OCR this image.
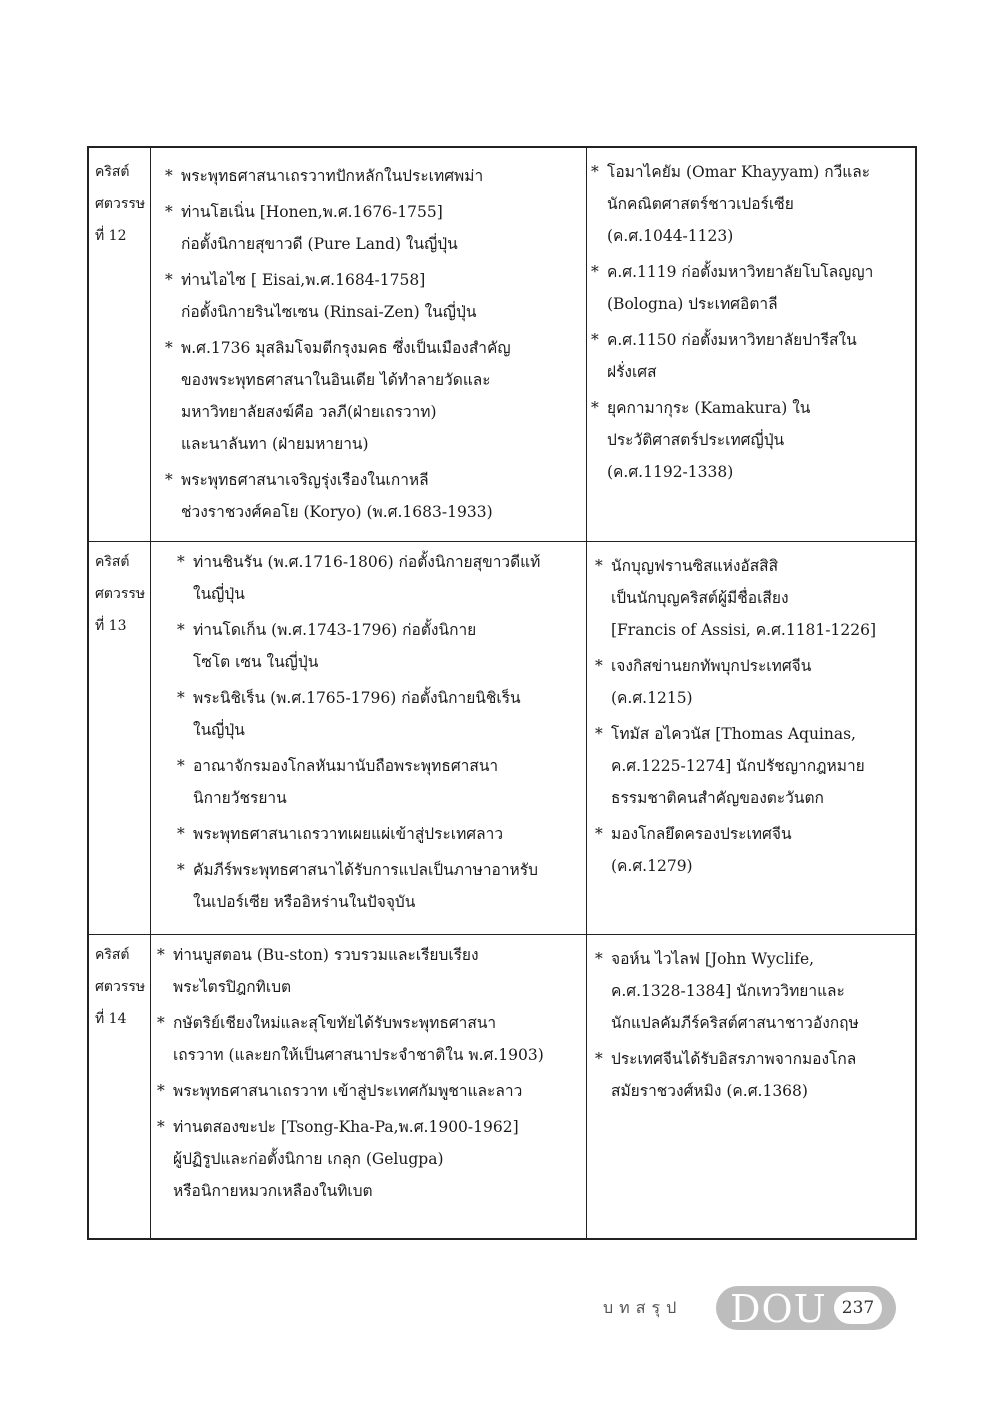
คริสต์
ศตวรรษ
ที่ 12
* พระพุทธศาสนาเถรวาทปักหลักในประเทศพม่า
* ท่านโฮเนิ่น [Honen,พ.ศ.1676-1755]
ก่อตั้งนิกายสุขาวดี (Pure Land) ในญี่ปุ่น
* ท่านไอไซ [ Eisai,พ.ศ.1684-1758]
ก่อตั้งนิกายรินไซเซน (Rinsai-Zen) ในญี่ปุ่น
* พ.ศ.1736 มุสลิมโจมตีกรุงมคธ ซึ่งเป็นเมืองสำคัญ
ของพระพุทธศาสนาในอินเดีย ได้ทำลายวัดและ
มหาวิทยาลัยสงฆ์คือ วลภี(ฝ่ายเถรวาท)
และนาลันทา (ฝ่ายมหายาน)
* พระพุทธศาสนาเจริญรุ่งเรืองในเกาหลี
ช่วงราชวงศ์คอโย (Koryo) (พ.ศ.1683-1933)
* โอมาไคยัม (Omar Khayyam) กวีและ
นักคณิตศาสตร์ชาวเปอร์เซีย
(ค.ศ.1044-1123)
* ค.ศ.1119 ก่อตั้งมหาวิทยาลัยโบโลญญา
(Bologna) ประเทศอิตาลี
* ค.ศ.1150 ก่อตั้งมหาวิทยาลัยปารีสใน
ฝรั่งเศส
* ยุคกามากุระ (Kamakura) ใน
ประวัติศาสตร์ประเทศญี่ปุ่น
(ค.ศ.1192-1338)
คริสต์
ศตวรรษ
ที่ 13
* ท่านชินรัน (พ.ศ.1716-1806) ก่อตั้งนิกายสุขาวดีแท้
ในญี่ปุ่น
* ท่านโดเก็น (พ.ศ.1743-1796) ก่อตั้งนิกาย
โซโต เซน ในญี่ปุ่น
* พระนิชิเร็น (พ.ศ.1765-1796) ก่อตั้งนิกายนิชิเร็น
ในญี่ปุ่น
* อาณาจักรมองโกลหันมานับถือพระพุทธศาสนา
นิกายวัชรยาน
* พระพุทธศาสนาเถรวาทเผยแผ่เข้าสู่ประเทศลาว
* คัมภีร์พระพุทธศาสนาได้รับการแปลเป็นภาษาอาหรับ
ในเปอร์เซีย หรืออิหร่านในปัจจุบัน
* นักบุญฟรานซิสแห่งอัสสิสิ
เป็นนักบุญคริสต์ผู้มีชื่อเสียง
[Francis of Assisi, ค.ศ.1181-1226]
* เจงกิสข่านยกทัพบุกประเทศจีน
(ค.ศ.1215)
* โทมัส อไควนัส [Thomas Aquinas,
ค.ศ.1225-1274] นักปรัชญากฎหมาย
ธรรมชาติคนสำคัญของตะวันตก
* มองโกลยึดครองประเทศจีน
(ค.ศ.1279)
คริสต์
ศตวรรษ
ที่ 14
* ท่านบูสตอน (Bu-ston) รวบรวมและเรียบเรียง
พระไตรปิฎกทิเบต
* กษัตริย์เชียงใหม่และสุโขทัยได้รับพระพุทธศาสนา
เถรวาท (และยกให้เป็นศาสนาประจำชาติใน พ.ศ.1903)
* พระพุทธศาสนาเถรวาท เข้าสู่ประเทศกัมพูชาและลาว
* ท่านตสองขะปะ [Tsong-Kha-Pa,พ.ศ.1900-1962]
ผู้ปฏิรูปและก่อตั้งนิกาย เกลุก (Gelugpa)
หรือนิกายหมวกเหลืองในทิเบต
* จอห์น ไวไลฟ [John Wyclife,
ค.ศ.1328-1384] นักเทววิทยาและ
นักแปลคัมภีร์คริสต์ศาสนาชาวอังกฤษ
* ประเทศจีนได้รับอิสรภาพจากมองโกล
สมัยราชวงศ์หมิง (ค.ศ.1368)
บทสรุป DOU 237
